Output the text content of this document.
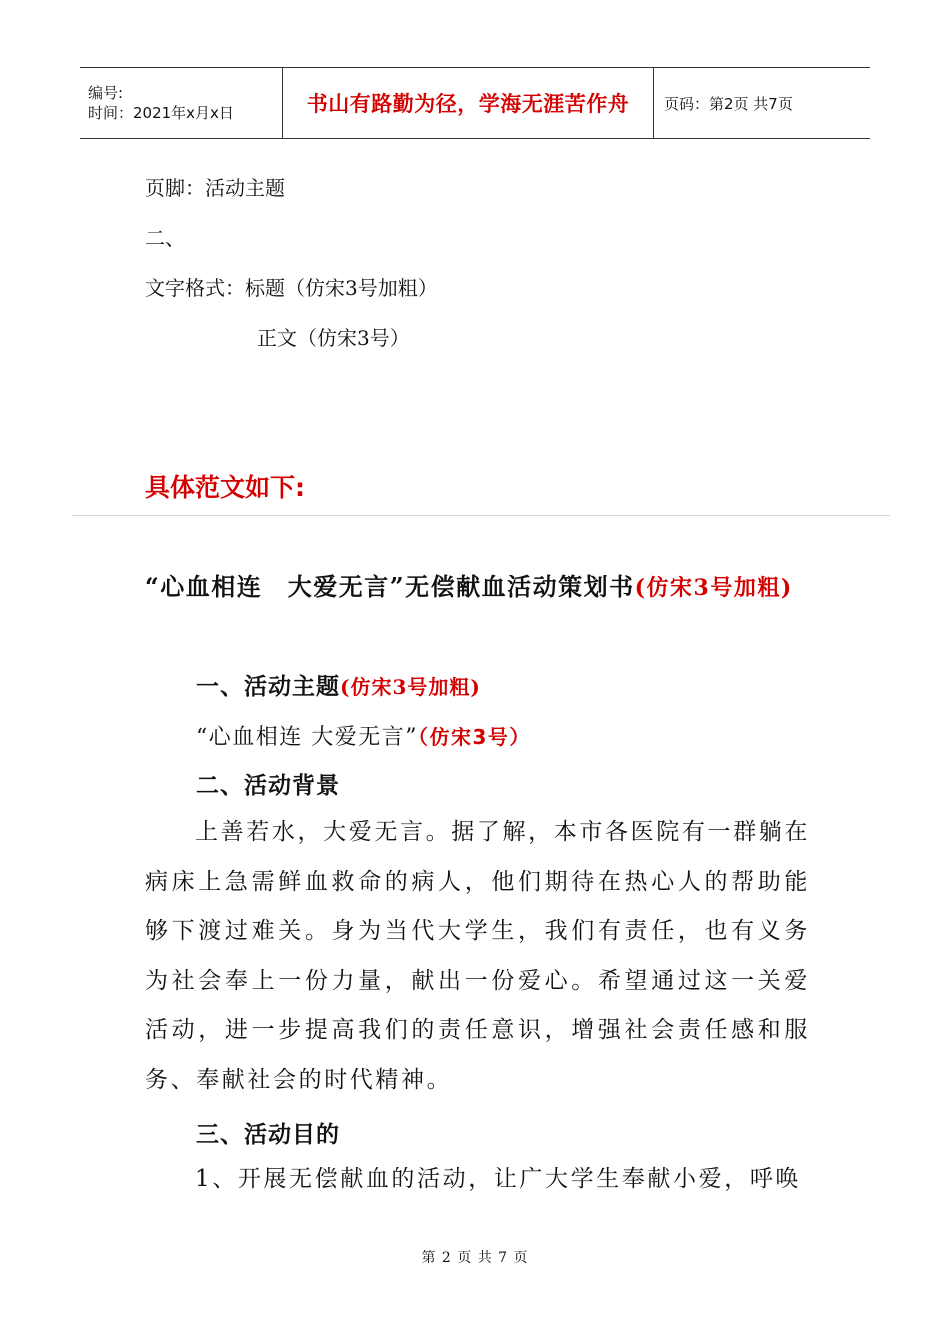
编号:
时间：2021年x月x日	书山有路勤为径，学海无涯苦作舟 页码：第2页 共7页
页脚：活动主题
二、
文字格式：标题（仿宋3号加粗）
正文（仿宋3号）
具体范文如下:
“心血相连　大爱无言”无偿献血活动策划书(仿宋3号加粗)
一、活动主题(仿宋3号加粗)
“心血相连 大爱无言”（仿宋3号）
二、活动背景
上善若水，大爱无言。据了解，本市各医院有一群躺在病床上急需鲜血救命的病人，他们期待在热心人的帮助能够下渡过难关。身为当代大学生，我们有责任，也有义务为社会奉上一份力量，献出一份爱心。希望通过这一关爱活动，进一步提高我们的责任意识，增强社会责任感和服务、奉献社会的时代精神。
三、活动目的
1、开展无偿献血的活动，让广大学生奉献小爱，呼唤
第 2 页 共 7 页
